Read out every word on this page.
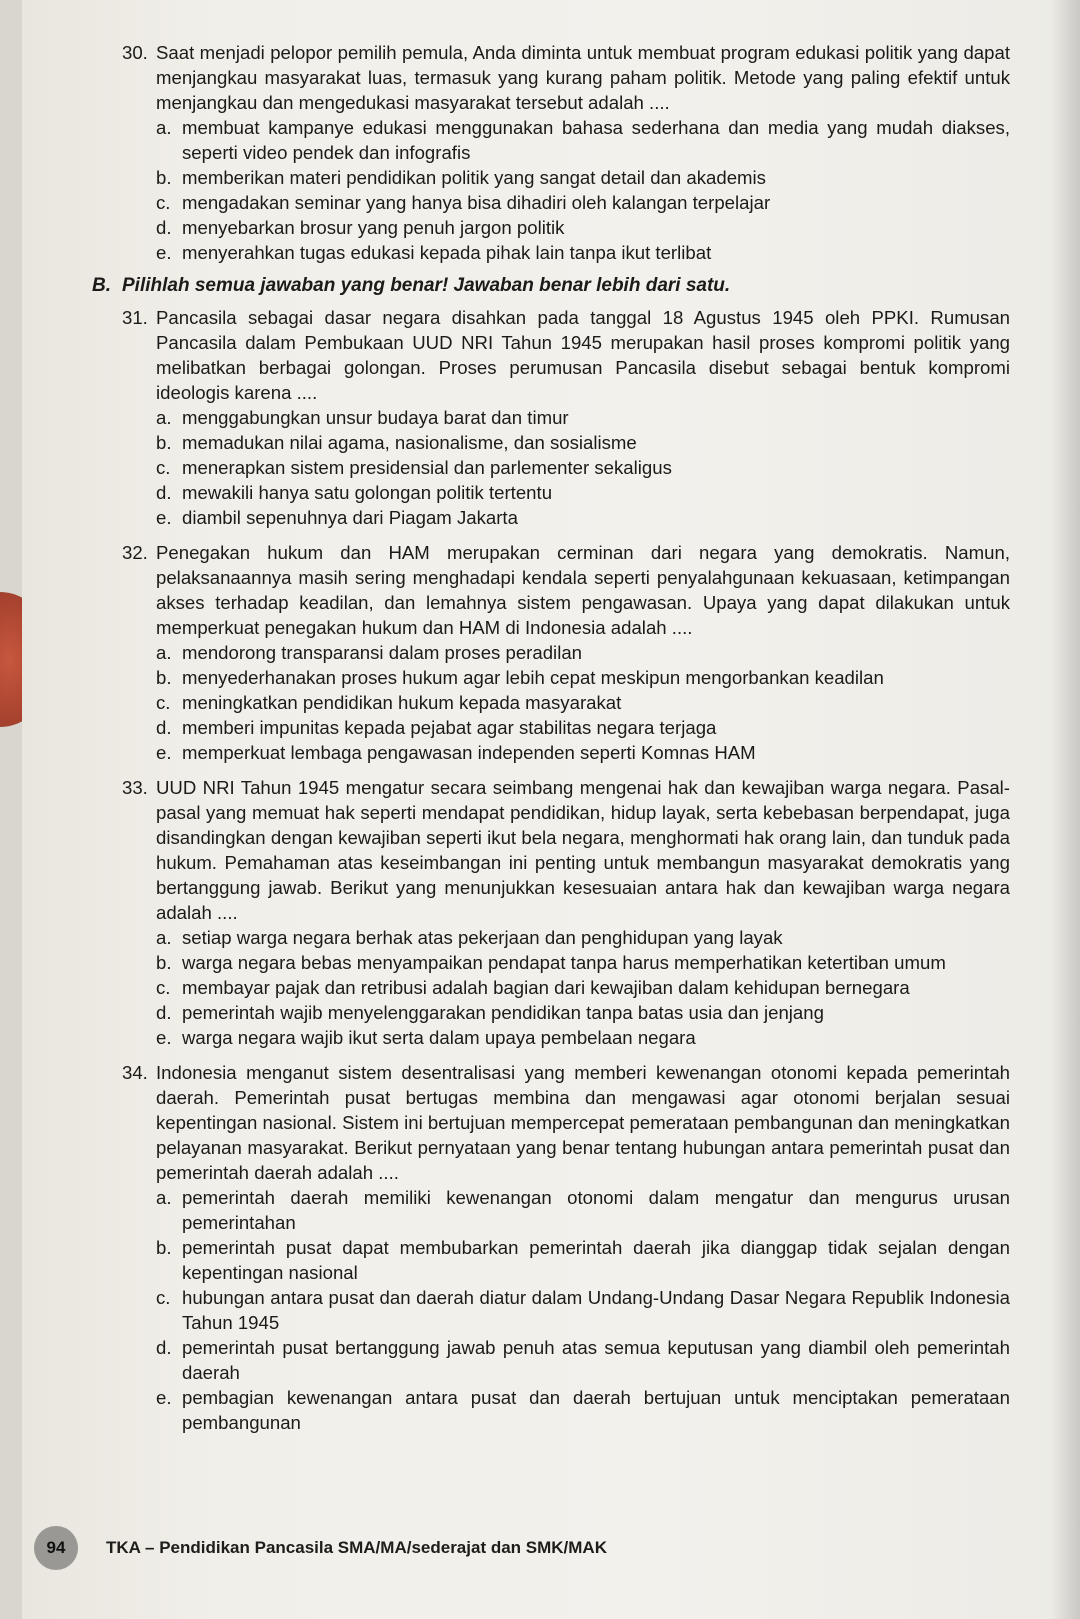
30. Saat menjadi pelopor pemilih pemula, Anda diminta untuk membuat program edukasi politik yang dapat menjangkau masyarakat luas, termasuk yang kurang paham politik. Metode yang paling efektif untuk menjangkau dan mengedukasi masyarakat tersebut adalah ....
a. membuat kampanye edukasi menggunakan bahasa sederhana dan media yang mudah diakses, seperti video pendek dan infografis
b. memberikan materi pendidikan politik yang sangat detail dan akademis
c. mengadakan seminar yang hanya bisa dihadiri oleh kalangan terpelajar
d. menyebarkan brosur yang penuh jargon politik
e. menyerahkan tugas edukasi kepada pihak lain tanpa ikut terlibat
B. Pilihlah semua jawaban yang benar! Jawaban benar lebih dari satu.
31. Pancasila sebagai dasar negara disahkan pada tanggal 18 Agustus 1945 oleh PPKI. Rumusan Pancasila dalam Pembukaan UUD NRI Tahun 1945 merupakan hasil proses kompromi politik yang melibatkan berbagai golongan. Proses perumusan Pancasila disebut sebagai bentuk kompromi ideologis karena ....
a. menggabungkan unsur budaya barat dan timur
b. memadukan nilai agama, nasionalisme, dan sosialisme
c. menerapkan sistem presidensial dan parlementer sekaligus
d. mewakili hanya satu golongan politik tertentu
e. diambil sepenuhnya dari Piagam Jakarta
32. Penegakan hukum dan HAM merupakan cerminan dari negara yang demokratis. Namun, pelaksanaannya masih sering menghadapi kendala seperti penyalahgunaan kekuasaan, ketimpangan akses terhadap keadilan, dan lemahnya sistem pengawasan. Upaya yang dapat dilakukan untuk memperkuat penegakan hukum dan HAM di Indonesia adalah ....
a. mendorong transparansi dalam proses peradilan
b. menyederhanakan proses hukum agar lebih cepat meskipun mengorbankan keadilan
c. meningkatkan pendidikan hukum kepada masyarakat
d. memberi impunitas kepada pejabat agar stabilitas negara terjaga
e. memperkuat lembaga pengawasan independen seperti Komnas HAM
33. UUD NRI Tahun 1945 mengatur secara seimbang mengenai hak dan kewajiban warga negara. Pasal-pasal yang memuat hak seperti mendapat pendidikan, hidup layak, serta kebebasan berpendapat, juga disandingkan dengan kewajiban seperti ikut bela negara, menghormati hak orang lain, dan tunduk pada hukum. Pemahaman atas keseimbangan ini penting untuk membangun masyarakat demokratis yang bertanggung jawab. Berikut yang menunjukkan kesesuaian antara hak dan kewajiban warga negara adalah ....
a. setiap warga negara berhak atas pekerjaan dan penghidupan yang layak
b. warga negara bebas menyampaikan pendapat tanpa harus memperhatikan ketertiban umum
c. membayar pajak dan retribusi adalah bagian dari kewajiban dalam kehidupan bernegara
d. pemerintah wajib menyelenggarakan pendidikan tanpa batas usia dan jenjang
e. warga negara wajib ikut serta dalam upaya pembelaan negara
34. Indonesia menganut sistem desentralisasi yang memberi kewenangan otonomi kepada pemerintah daerah. Pemerintah pusat bertugas membina dan mengawasi agar otonomi berjalan sesuai kepentingan nasional. Sistem ini bertujuan mempercepat pemerataan pembangunan dan meningkatkan pelayanan masyarakat. Berikut pernyataan yang benar tentang hubungan antara pemerintah pusat dan pemerintah daerah adalah ....
a. pemerintah daerah memiliki kewenangan otonomi dalam mengatur dan mengurus urusan pemerintahan
b. pemerintah pusat dapat membubarkan pemerintah daerah jika dianggap tidak sejalan dengan kepentingan nasional
c. hubungan antara pusat dan daerah diatur dalam Undang-Undang Dasar Negara Republik Indonesia Tahun 1945
d. pemerintah pusat bertanggung jawab penuh atas semua keputusan yang diambil oleh pemerintah daerah
e. pembagian kewenangan antara pusat dan daerah bertujuan untuk menciptakan pemerataan pembangunan
94	TKA – Pendidikan Pancasila SMA/MA/sederajat dan SMK/MAK
